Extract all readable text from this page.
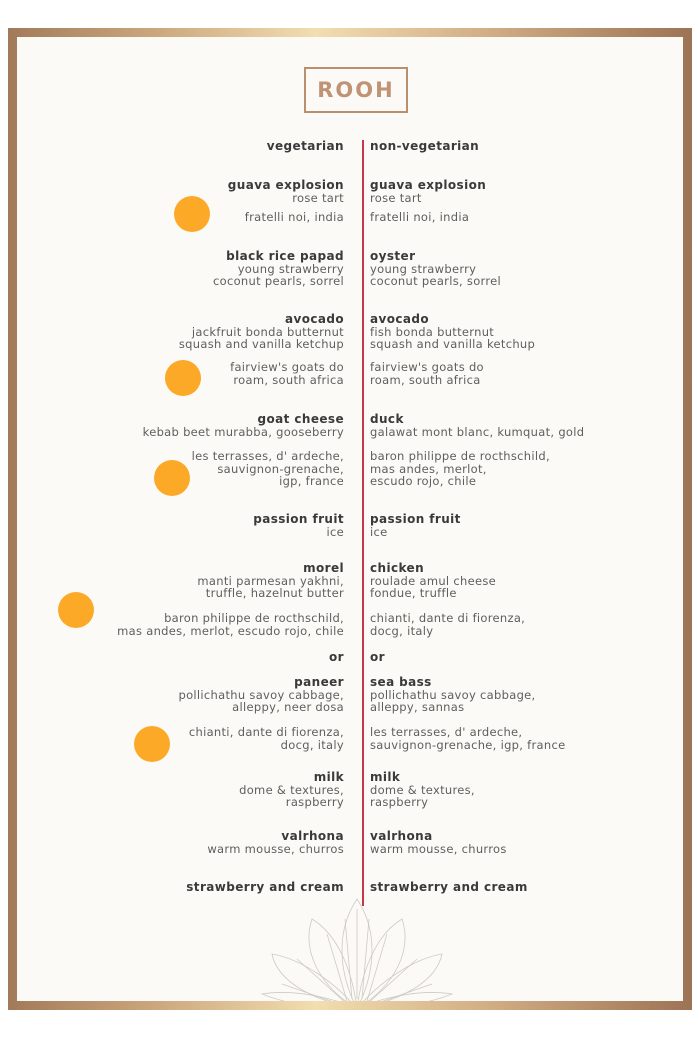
ROOH
vegetarian
guava explosion
rose tart
fratelli noi, india
black rice papad
young strawberry
coconut pearls, sorrel
avocado
jackfruit bonda butternut
squash and vanilla ketchup
fairview's goats do
roam, south africa
goat cheese
kebab beet murabba, gooseberry
les terrasses, d' ardeche,
sauvignon-grenache,
igp, france
passion fruit
ice
morel
manti parmesan yakhni,
truffle, hazelnut butter
baron philippe de rocthschild,
mas andes, merlot, escudo rojo, chile
or
paneer
pollichathu savoy cabbage,
alleppy, neer dosa
chianti, dante di fiorenza,
docg, italy
milk
dome & textures,
raspberry
valrhona
warm mousse, churros
strawberry and cream
non-vegetarian
guava explosion
rose tart
fratelli noi, india
oyster
young strawberry
coconut pearls, sorrel
avocado
fish bonda butternut
squash and vanilla ketchup
fairview's goats do
roam, south africa
duck
galawat mont blanc, kumquat, gold
baron philippe de rocthschild,
mas andes, merlot,
escudo rojo, chile
passion fruit
ice
chicken
roulade amul cheese
fondue, truffle
chianti, dante di fiorenza,
docg, italy
or
sea bass
pollichathu savoy cabbage,
alleppy, sannas
les terrasses, d' ardeche,
sauvignon-grenache, igp, france
milk
dome & textures,
raspberry
valrhona
warm mousse, churros
strawberry and cream
